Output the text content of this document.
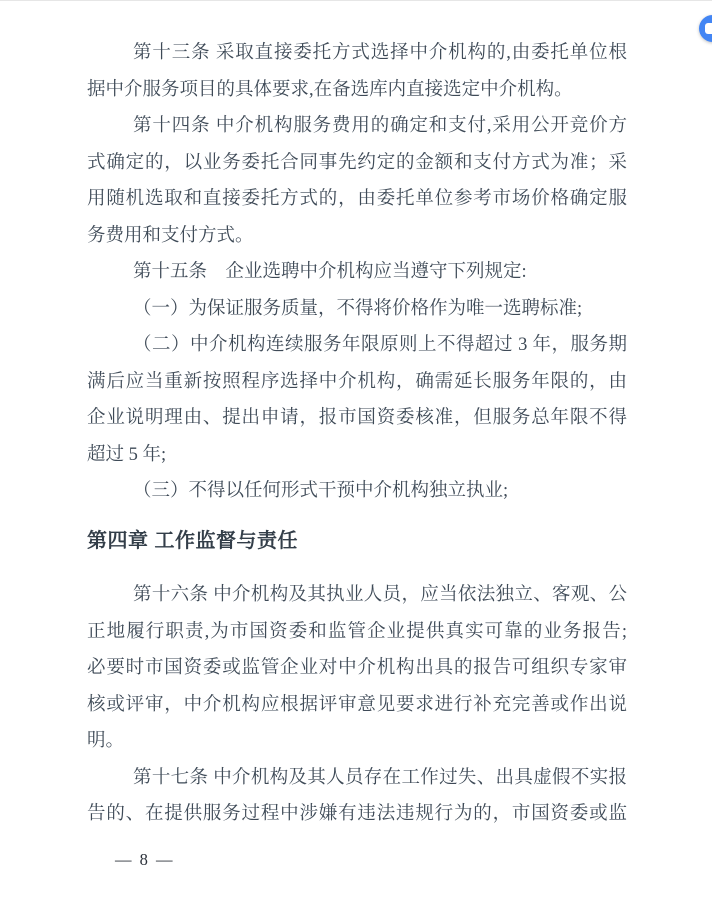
第十三条 采取直接委托方式选择中介机构的,由委托单位根
据中介服务项目的具体要求,在备选库内直接选定中介机构。
第十四条 中介机构服务费用的确定和支付,采用公开竞价方
式确定的，以业务委托合同事先约定的金额和支付方式为准；采
用随机选取和直接委托方式的，由委托单位参考市场价格确定服
务费用和支付方式。
第十五条　企业选聘中介机构应当遵守下列规定:
（一）为保证服务质量，不得将价格作为唯一选聘标准;
（二）中介机构连续服务年限原则上不得超过 3 年，服务期
满后应当重新按照程序选择中介机构，确需延长服务年限的，由
企业说明理由、提出申请，报市国资委核准，但服务总年限不得
超过 5 年;
（三）不得以任何形式干预中介机构独立执业;
第四章 工作监督与责任
第十六条 中介机构及其执业人员，应当依法独立、客观、公
正地履行职责,为市国资委和监管企业提供真实可靠的业务报告;
必要时市国资委或监管企业对中介机构出具的报告可组织专家审
核或评审，中介机构应根据评审意见要求进行补充完善或作出说
明。
第十七条 中介机构及其人员存在工作过失、出具虚假不实报
告的、在提供服务过程中涉嫌有违法违规行为的，市国资委或监
— 8 —
